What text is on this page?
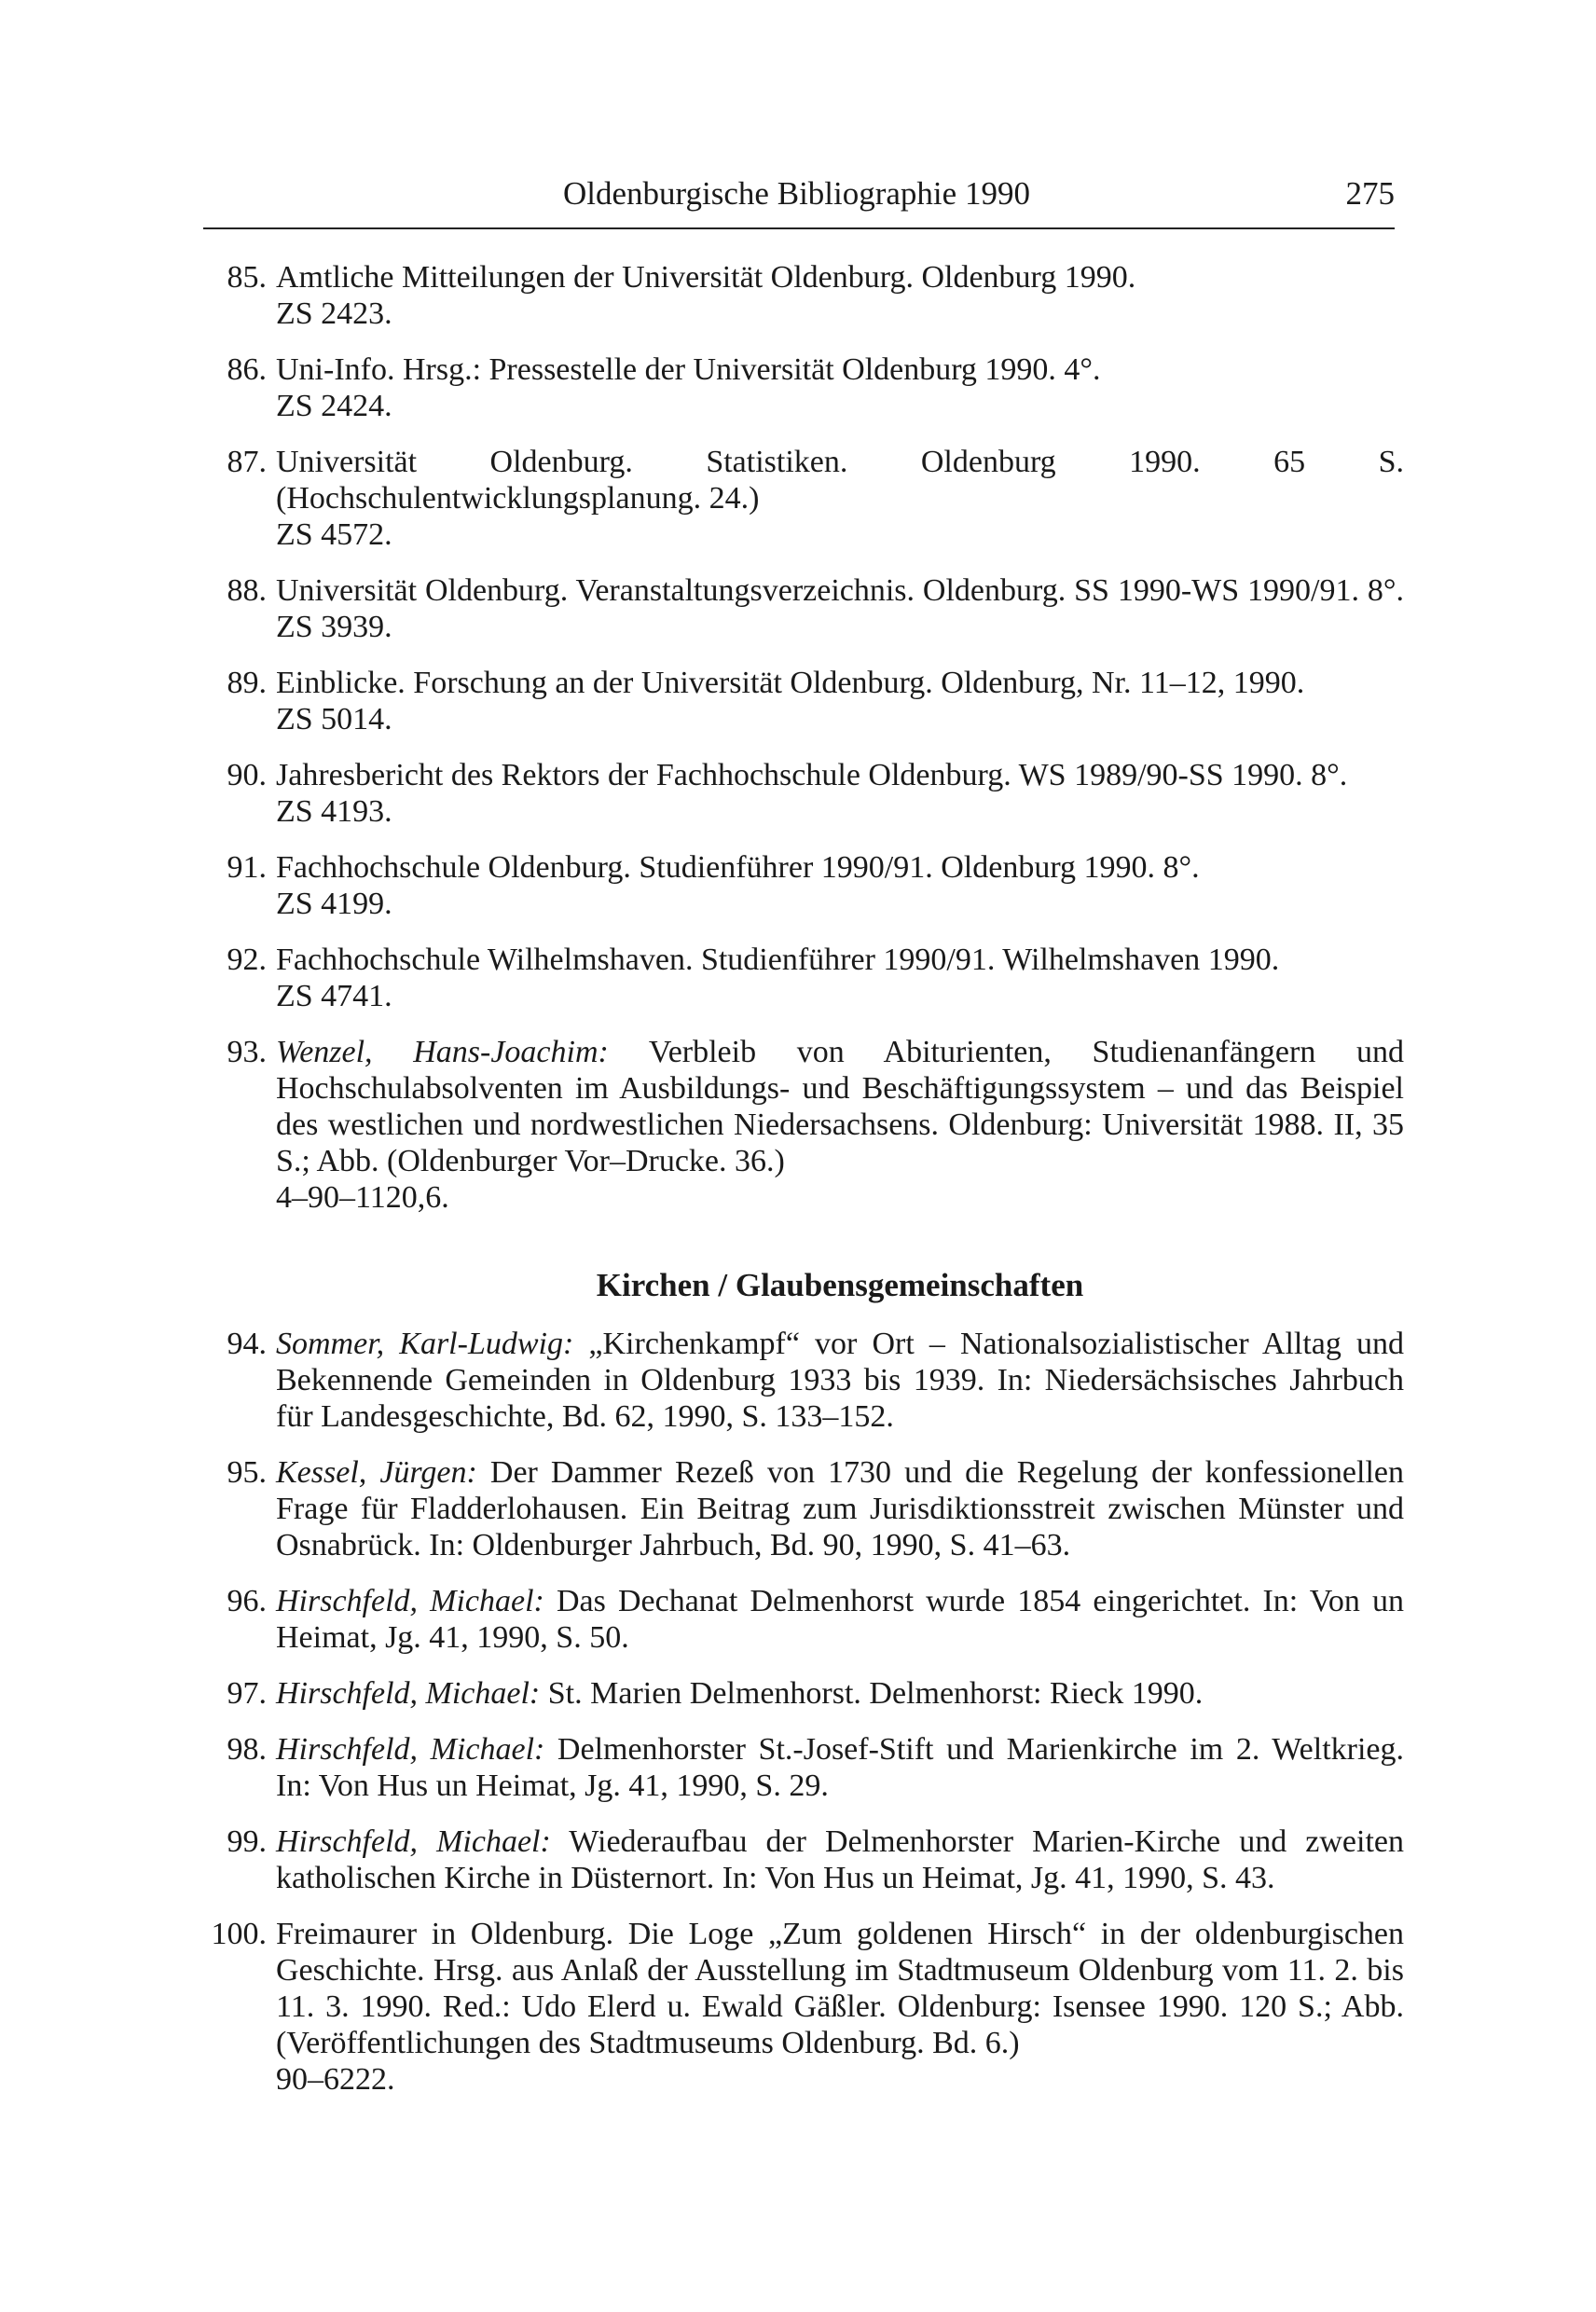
Oldenburgische Bibliographie 1990	275
85. Amtliche Mitteilungen der Universität Oldenburg. Oldenburg 1990.
ZS 2423.
86. Uni-Info. Hrsg.: Pressestelle der Universität Oldenburg 1990. 4°.
ZS 2424.
87. Universität Oldenburg. Statistiken. Oldenburg 1990. 65 S. (Hochschulentwicklungsplanung. 24.)
ZS 4572.
88. Universität Oldenburg. Veranstaltungsverzeichnis. Oldenburg. SS 1990-WS 1990/91. 8°. ZS 3939.
89. Einblicke. Forschung an der Universität Oldenburg. Oldenburg, Nr. 11–12, 1990.
ZS 5014.
90. Jahresbericht des Rektors der Fachhochschule Oldenburg. WS 1989/90-SS 1990. 8°.
ZS 4193.
91. Fachhochschule Oldenburg. Studienführer 1990/91. Oldenburg 1990. 8°.
ZS 4199.
92. Fachhochschule Wilhelmshaven. Studienführer 1990/91. Wilhelmshaven 1990.
ZS 4741.
93. Wenzel, Hans-Joachim: Verbleib von Abiturienten, Studienanfängern und Hochschulabsolventen im Ausbildungs- und Beschäftigungssystem – und das Beispiel des westlichen und nordwestlichen Niedersachsens. Oldenburg: Universität 1988. II, 35 S.; Abb. (Oldenburger Vor–Drucke. 36.)
4–90–1120,6.
Kirchen / Glaubensgemeinschaften
94. Sommer, Karl-Ludwig: „Kirchenkampf“ vor Ort – Nationalsozialistischer Alltag und Bekennende Gemeinden in Oldenburg 1933 bis 1939. In: Niedersächsisches Jahrbuch für Landesgeschichte, Bd. 62, 1990, S. 133–152.
95. Kessel, Jürgen: Der Dammer Rezeß von 1730 und die Regelung der konfessionellen Frage für Fladderlohausen. Ein Beitrag zum Jurisdiktionsstreit zwischen Münster und Osnabrück. In: Oldenburger Jahrbuch, Bd. 90, 1990, S. 41–63.
96. Hirschfeld, Michael: Das Dechanat Delmenhorst wurde 1854 eingerichtet. In: Von un Heimat, Jg. 41, 1990, S. 50.
97. Hirschfeld, Michael: St. Marien Delmenhorst. Delmenhorst: Rieck 1990.
98. Hirschfeld, Michael: Delmenhorster St.-Josef-Stift und Marienkirche im 2. Weltkrieg. In: Von Hus un Heimat, Jg. 41, 1990, S. 29.
99. Hirschfeld, Michael: Wiederaufbau der Delmenhorster Marien-Kirche und zweiten katholischen Kirche in Düsternort. In: Von Hus un Heimat, Jg. 41, 1990, S. 43.
100. Freimaurer in Oldenburg. Die Loge „Zum goldenen Hirsch“ in der oldenburgischen Geschichte. Hrsg. aus Anlaß der Ausstellung im Stadtmuseum Oldenburg vom 11. 2. bis 11. 3. 1990. Red.: Udo Elerd u. Ewald Gäßler. Oldenburg: Isensee 1990. 120 S.; Abb. (Veröffentlichungen des Stadtmuseums Oldenburg. Bd. 6.)
90–6222.
